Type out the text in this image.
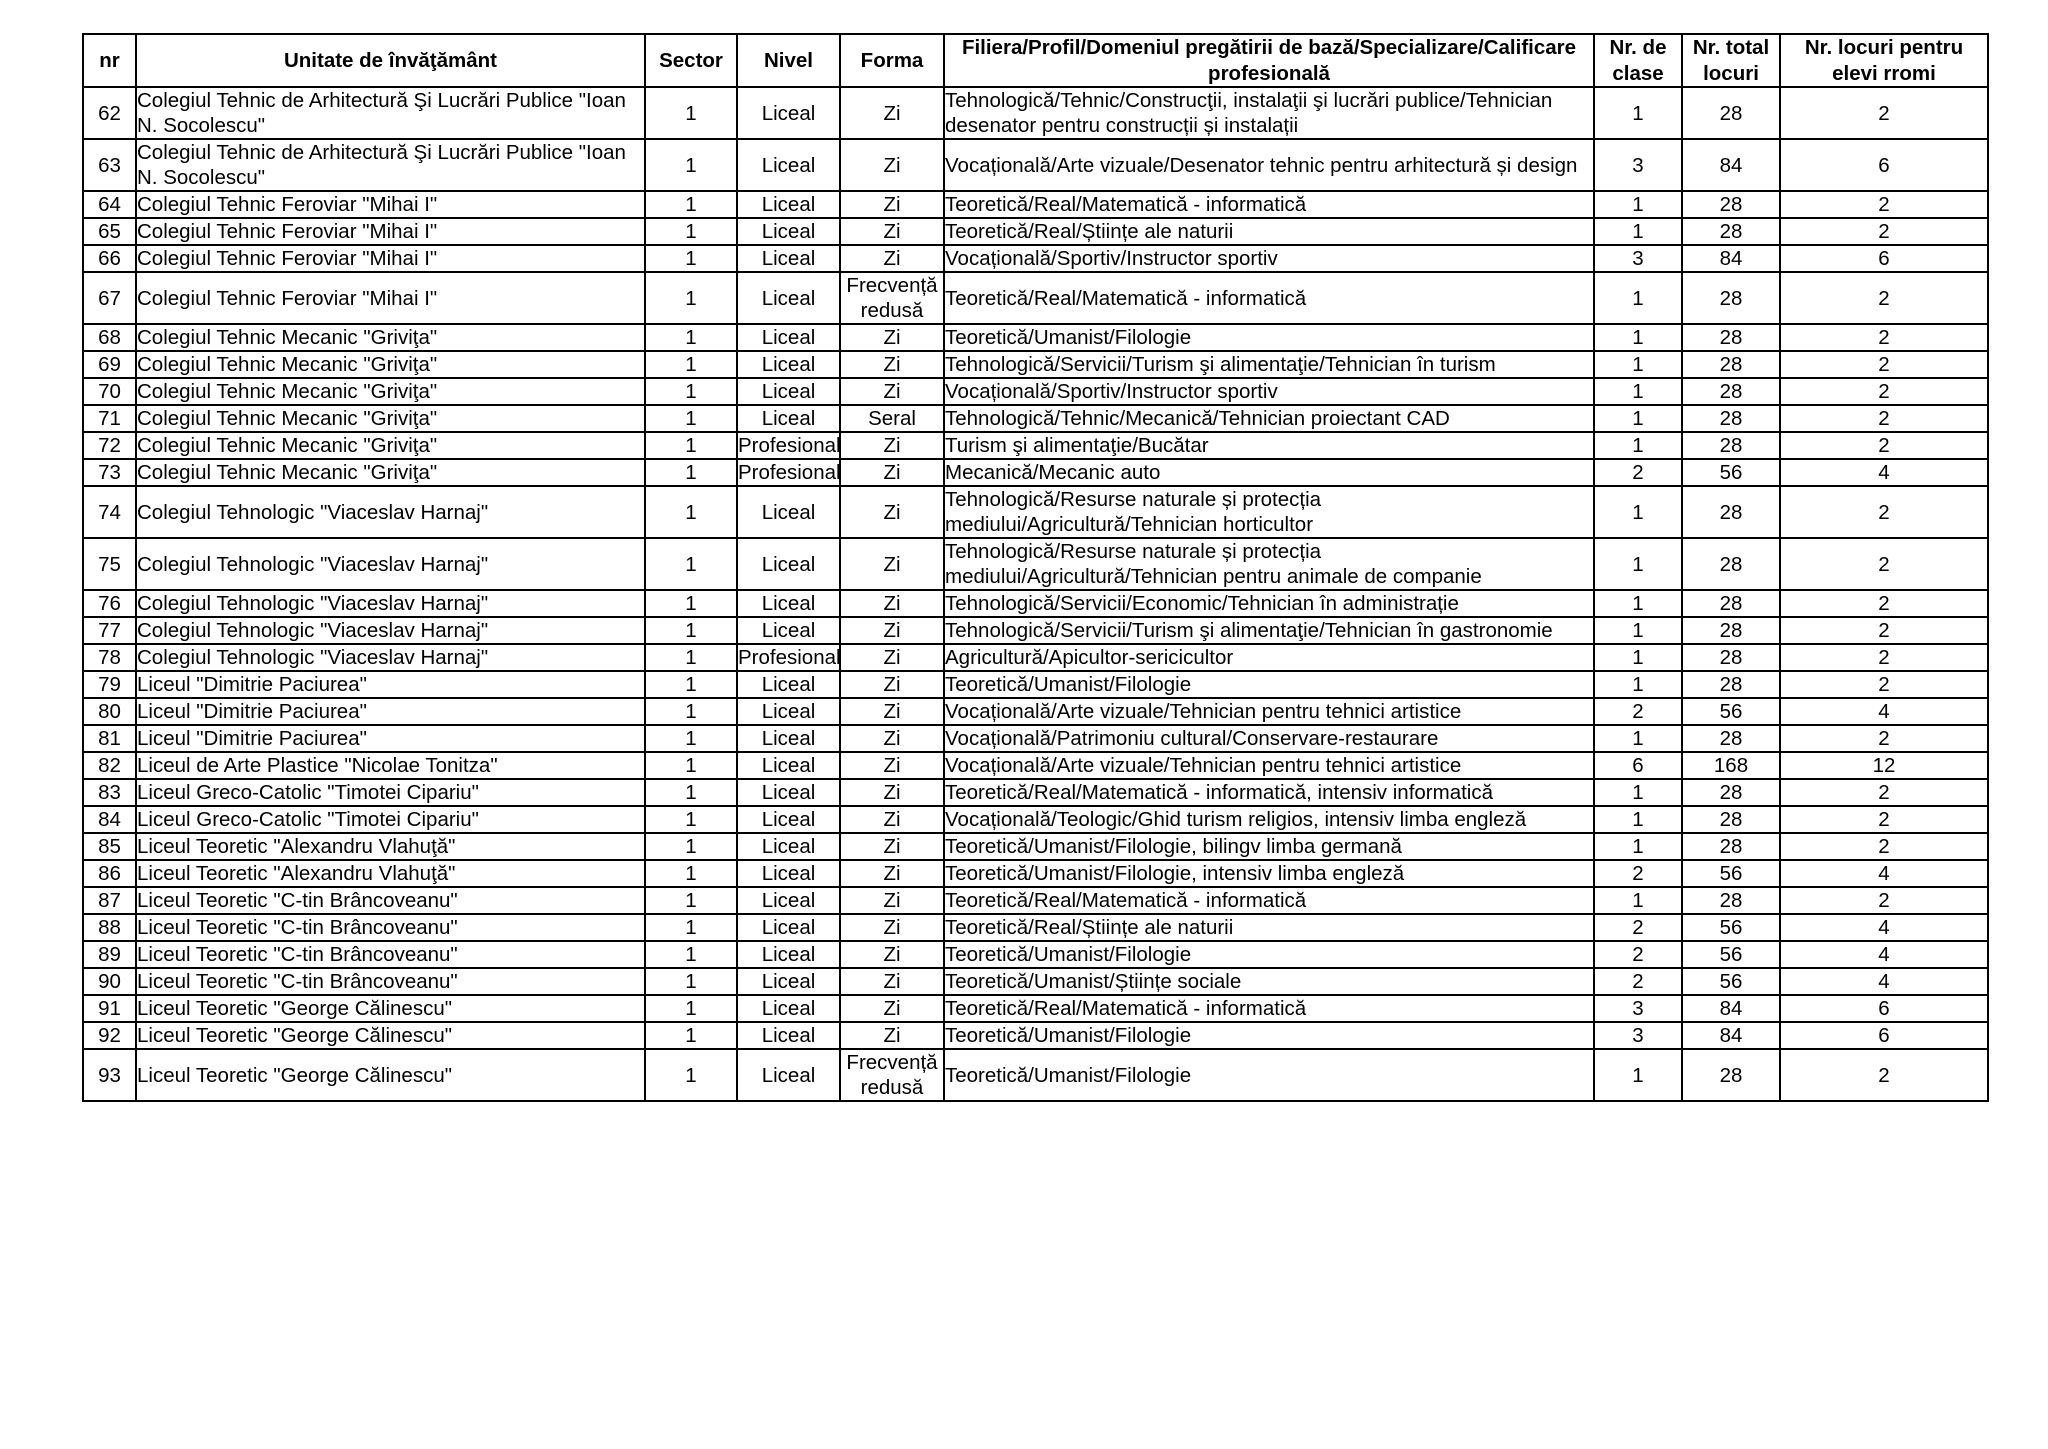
nr	Unitate de învăţământ	Sector	Nivel	Forma	Filiera/Profil/Domeniul pregătirii de bază/Specializare/Calificare profesională	Nr. de clase	Nr. total locuri	Nr. locuri pentru elevi rromi
62	Colegiul Tehnic de Arhitectură Şi Lucrări Publice "Ioan N. Socolescu"	1	Liceal	Zi	Tehnologică/Tehnic/Construcţii, instalaţii şi lucrări publice/Tehnician desenator pentru construcții și instalații	1	28	2
63	Colegiul Tehnic de Arhitectură Şi Lucrări Publice "Ioan N. Socolescu"	1	Liceal	Zi	Vocațională/Arte vizuale/Desenator tehnic pentru arhitectură și design	3	84	6
64	Colegiul Tehnic Feroviar "Mihai I"	1	Liceal	Zi	Teoretică/Real/Matematică - informatică	1	28	2
65	Colegiul Tehnic Feroviar "Mihai I"	1	Liceal	Zi	Teoretică/Real/Științe ale naturii	1	28	2
66	Colegiul Tehnic Feroviar "Mihai I"	1	Liceal	Zi	Vocațională/Sportiv/Instructor sportiv	3	84	6
67	Colegiul Tehnic Feroviar "Mihai I"	1	Liceal	Frecvență redusă	Teoretică/Real/Matematică - informatică	1	28	2
68	Colegiul Tehnic Mecanic "Griviţa"	1	Liceal	Zi	Teoretică/Umanist/Filologie	1	28	2
69	Colegiul Tehnic Mecanic "Griviţa"	1	Liceal	Zi	Tehnologică/Servicii/Turism şi alimentaţie/Tehnician în turism	1	28	2
70	Colegiul Tehnic Mecanic "Griviţa"	1	Liceal	Zi	Vocațională/Sportiv/Instructor sportiv	1	28	2
71	Colegiul Tehnic Mecanic "Griviţa"	1	Liceal	Seral	Tehnologică/Tehnic/Mecanică/Tehnician proiectant CAD	1	28	2
72	Colegiul Tehnic Mecanic "Griviţa"	1	Profesional	Zi	Turism şi alimentaţie/Bucătar	1	28	2
73	Colegiul Tehnic Mecanic "Griviţa"	1	Profesional	Zi	Mecanică/Mecanic auto	2	56	4
74	Colegiul Tehnologic "Viaceslav Harnaj"	1	Liceal	Zi	Tehnologică/Resurse naturale și protecția mediului/Agricultură/Tehnician horticultor	1	28	2
75	Colegiul Tehnologic "Viaceslav Harnaj"	1	Liceal	Zi	Tehnologică/Resurse naturale și protecția mediului/Agricultură/Tehnician pentru animale de companie	1	28	2
76	Colegiul Tehnologic "Viaceslav Harnaj"	1	Liceal	Zi	Tehnologică/Servicii/Economic/Tehnician în administrație	1	28	2
77	Colegiul Tehnologic "Viaceslav Harnaj"	1	Liceal	Zi	Tehnologică/Servicii/Turism şi alimentaţie/Tehnician în gastronomie	1	28	2
78	Colegiul Tehnologic "Viaceslav Harnaj"	1	Profesional	Zi	Agricultură/Apicultor-sericicultor	1	28	2
79	Liceul "Dimitrie Paciurea"	1	Liceal	Zi	Teoretică/Umanist/Filologie	1	28	2
80	Liceul "Dimitrie Paciurea"	1	Liceal	Zi	Vocațională/Arte vizuale/Tehnician pentru tehnici artistice	2	56	4
81	Liceul "Dimitrie Paciurea"	1	Liceal	Zi	Vocațională/Patrimoniu cultural/Conservare-restaurare	1	28	2
82	Liceul de Arte Plastice "Nicolae Tonitza"	1	Liceal	Zi	Vocațională/Arte vizuale/Tehnician pentru tehnici artistice	6	168	12
83	Liceul Greco-Catolic "Timotei Cipariu"	1	Liceal	Zi	Teoretică/Real/Matematică - informatică, intensiv informatică	1	28	2
84	Liceul Greco-Catolic "Timotei Cipariu"	1	Liceal	Zi	Vocațională/Teologic/Ghid turism religios, intensiv limba engleză	1	28	2
85	Liceul Teoretic "Alexandru Vlahuţă"	1	Liceal	Zi	Teoretică/Umanist/Filologie, bilingv limba germană	1	28	2
86	Liceul Teoretic "Alexandru Vlahuţă"	1	Liceal	Zi	Teoretică/Umanist/Filologie, intensiv limba engleză	2	56	4
87	Liceul Teoretic "C-tin Brâncoveanu"	1	Liceal	Zi	Teoretică/Real/Matematică - informatică	1	28	2
88	Liceul Teoretic "C-tin Brâncoveanu"	1	Liceal	Zi	Teoretică/Real/Științe ale naturii	2	56	4
89	Liceul Teoretic "C-tin Brâncoveanu"	1	Liceal	Zi	Teoretică/Umanist/Filologie	2	56	4
90	Liceul Teoretic "C-tin Brâncoveanu"	1	Liceal	Zi	Teoretică/Umanist/Științe sociale	2	56	4
91	Liceul Teoretic "George Călinescu"	1	Liceal	Zi	Teoretică/Real/Matematică - informatică	3	84	6
92	Liceul Teoretic "George Călinescu"	1	Liceal	Zi	Teoretică/Umanist/Filologie	3	84	6
93	Liceul Teoretic "George Călinescu"	1	Liceal	Frecvență redusă	Teoretică/Umanist/Filologie	1	28	2
